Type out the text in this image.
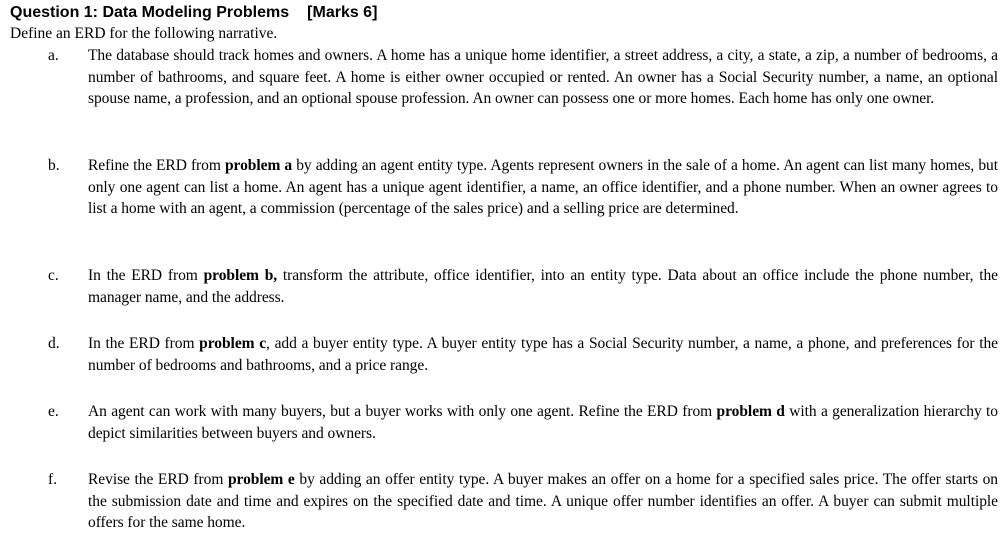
Question 1: Data Modeling Problems [Marks 6]
Define an ERD for the following narrative.
a. The database should track homes and owners. A home has a unique home identifier, a street address, a city, a state, a zip, a number of bedrooms, a number of bathrooms, and square feet. A home is either owner occupied or rented. An owner has a Social Security number, a name, an optional spouse name, a profession, and an optional spouse profession. An owner can possess one or more homes. Each home has only one owner.
b. Refine the ERD from problem a by adding an agent entity type. Agents represent owners in the sale of a home. An agent can list many homes, but only one agent can list a home. An agent has a unique agent identifier, a name, an office identifier, and a phone number. When an owner agrees to list a home with an agent, a commission (percentage of the sales price) and a selling price are determined.
c. In the ERD from problem b, transform the attribute, office identifier, into an entity type. Data about an office include the phone number, the manager name, and the address.
d. In the ERD from problem c, add a buyer entity type. A buyer entity type has a Social Security number, a name, a phone, and preferences for the number of bedrooms and bathrooms, and a price range.
e. An agent can work with many buyers, but a buyer works with only one agent. Refine the ERD from problem d with a generalization hierarchy to depict similarities between buyers and owners.
f. Revise the ERD from problem e by adding an offer entity type. A buyer makes an offer on a home for a specified sales price. The offer starts on the submission date and time and expires on the specified date and time. A unique offer number identifies an offer. A buyer can submit multiple offers for the same home.
